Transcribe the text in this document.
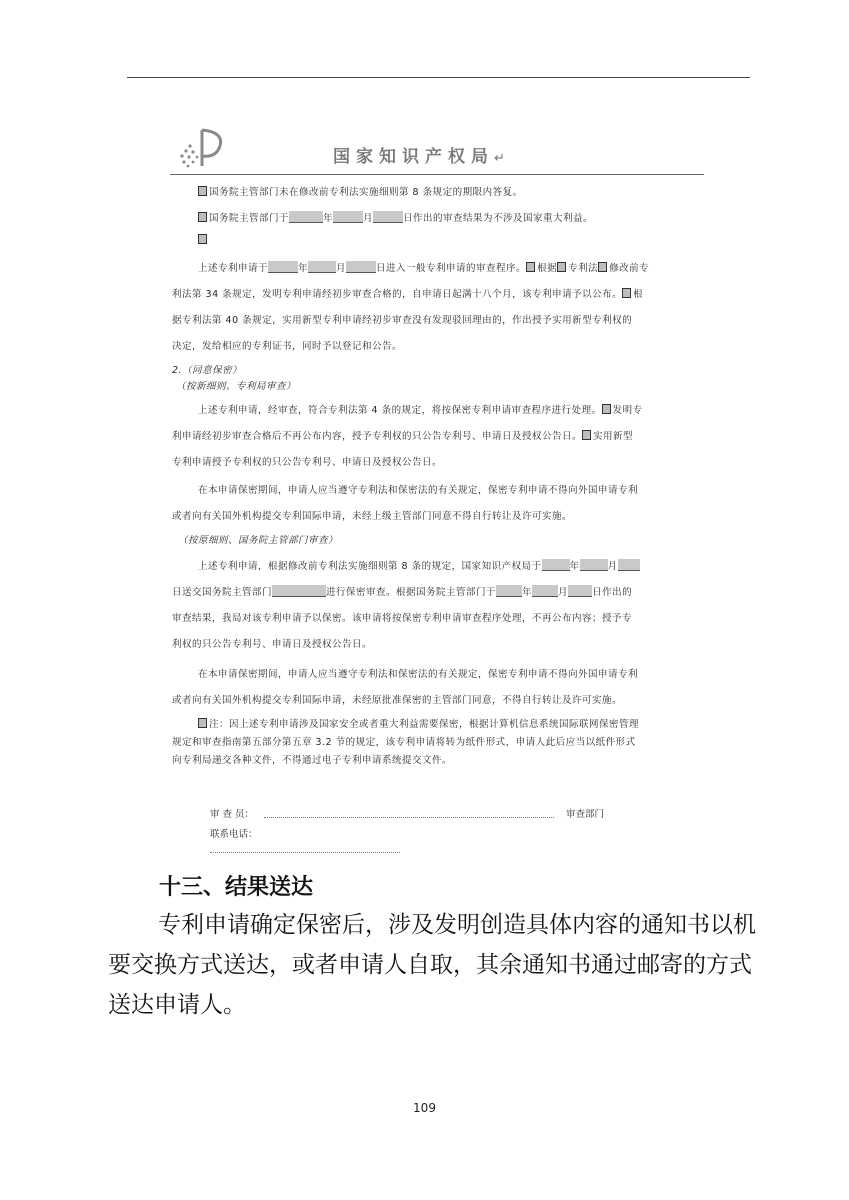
国家知识产权局↵
国务院主管部门未在修改前专利法实施细则第 8 条规定的期限内答复。
国务院主管部门于	年	月	日作出的审查结果为不涉及国家重大利益。
上述专利申请于	年	月	日进入一般专利申请的审查程序。 根据 专利法 修改前专
利法第 34 条规定，发明专利申请经初步审查合格的，自申请日起满十八个月，该专利申请予以公布。 根
据专利法第 40 条规定，实用新型专利申请经初步审查没有发现驳回理由的，作出授予实用新型专利权的
决定，发给相应的专利证书，同时予以登记和公告。
2.（同意保密）
（按新细则、专利局审查）
上述专利申请，经审查，符合专利法第 4 条的规定，将按保密专利申请审查程序进行处理。 发明专
利申请经初步审查合格后不再公布内容，授予专利权的只公告专利号、申请日及授权公告日。 实用新型
专利申请授予专利权的只公告专利号、申请日及授权公告日。
在本申请保密期间，申请人应当遵守专利法和保密法的有关规定，保密专利申请不得向外国申请专利
或者向有关国外机构提交专利国际申请，未经上级主管部门同意不得自行转让及许可实施。
（按原细则、国务院主管部门审查）
上述专利申请，根据修改前专利法实施细则第 8 条的规定，国家知识产权局于	年	月
日送交国务院主管部门	进行保密审查。根据国务院主管部门于	年	月	日作出的
审查结果，我局对该专利申请予以保密。该申请将按保密专利申请审查程序处理，不再公布内容；授予专
利权的只公告专利号、申请日及授权公告日。
在本申请保密期间，申请人应当遵守专利法和保密法的有关规定，保密专利申请不得向外国申请专利
或者向有关国外机构提交专利国际申请，未经原批准保密的主管部门同意，不得自行转让及许可实施。
注：因上述专利申请涉及国家安全或者重大利益需要保密，根据计算机信息系统国际联网保密管理
规定和审查指南第五部分第五章 3.2 节的规定，该专利申请将转为纸件形式，申请人此后应当以纸件形式
向专利局递交各种文件，不得通过电子专利申请系统提交文件。
审 查 员：	审查部门
联系电话：
十三、结果送达
专利申请确定保密后，涉及发明创造具体内容的通知书以机要交换方式送达，或者申请人自取，其余通知书通过邮寄的方式送达申请人。
109
